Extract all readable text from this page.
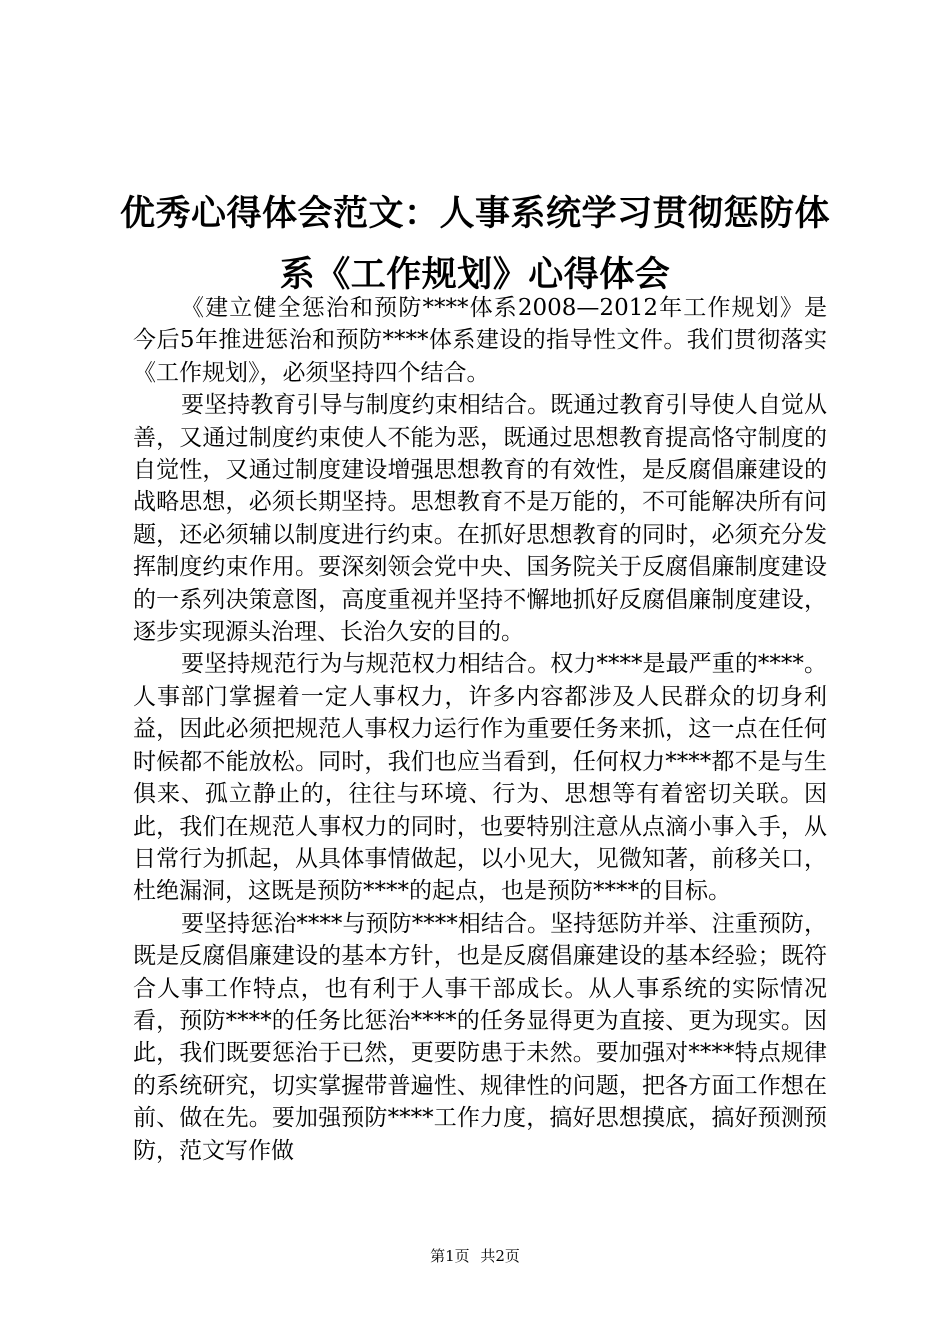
优秀心得体会范文：人事系统学习贯彻惩防体
系《工作规划》心得体会

《建立健全惩治和预防****体系2008—2012年工作规划》是今后5年推进惩治和预防****体系建设的指导性文件。我们贯彻落实《工作规划》，必须坚持四个结合。

要坚持教育引导与制度约束相结合。既通过教育引导使人自觉从善，又通过制度约束使人不能为恶，既通过思想教育提高恪守制度的自觉性，又通过制度建设增强思想教育的有效性，是反腐倡廉建设的战略思想，必须长期坚持。思想教育不是万能的，不可能解决所有问题，还必须辅以制度进行约束。在抓好思想教育的同时，必须充分发挥制度约束作用。要深刻领会党中央、国务院关于反腐倡廉制度建设的一系列决策意图，高度重视并坚持不懈地抓好反腐倡廉制度建设，逐步实现源头治理、长治久安的目的。

要坚持规范行为与规范权力相结合。权力****是最严重的****。人事部门掌握着一定人事权力，许多内容都涉及人民群众的切身利益，因此必须把规范人事权力运行作为重要任务来抓，这一点在任何时候都不能放松。同时，我们也应当看到，任何权力****都不是与生俱来、孤立静止的，往往与环境、行为、思想等有着密切关联。因此，我们在规范人事权力的同时，也要特别注意从点滴小事入手，从日常行为抓起，从具体事情做起，以小见大，见微知著，前移关口，杜绝漏洞，这既是预防****的起点，也是预防****的目标。

要坚持惩治****与预防****相结合。坚持惩防并举、注重预防，既是反腐倡廉建设的基本方针，也是反腐倡廉建设的基本经验；既符合人事工作特点，也有利于人事干部成长。从人事系统的实际情况看，预防****的任务比惩治****的任务显得更为直接、更为现实。因此，我们既要惩治于已然，更要防患于未然。要加强对****特点规律的系统研究，切实掌握带普遍性、规律性的问题，把各方面工作想在前、做在先。要加强预防****工作力度，搞好思想摸底，搞好预测预防，范文写作做

第1页 共2页
